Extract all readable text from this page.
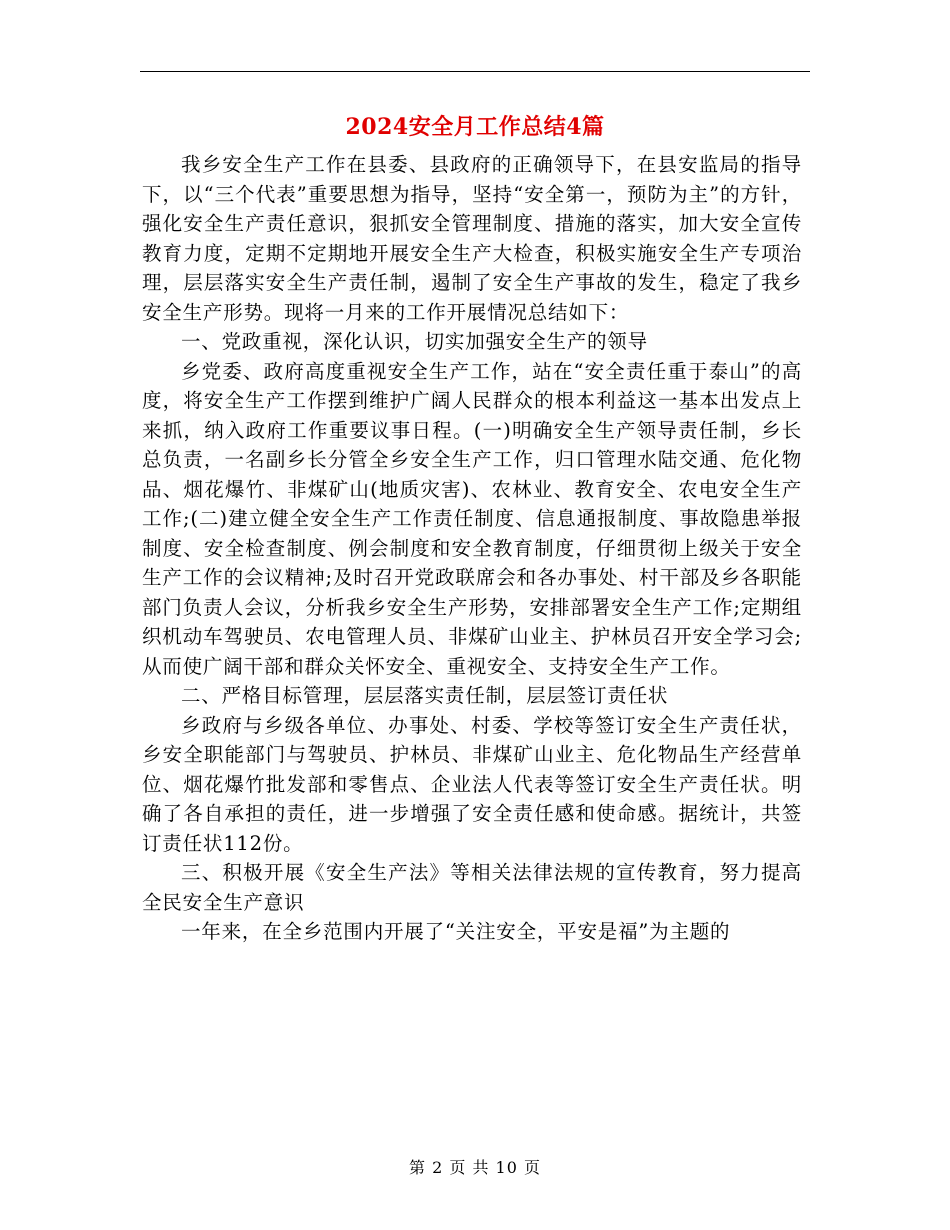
2024安全月工作总结4篇

我乡安全生产工作在县委、县政府的正确领导下，在县安监局的指导下，以“三个代表”重要思想为指导，坚持“安全第一，预防为主”的方针，强化安全生产责任意识，狠抓安全管理制度、措施的落实，加大安全宣传教育力度，定期不定期地开展安全生产大检查，积极实施安全生产专项治理，层层落实安全生产责任制，遏制了安全生产事故的发生，稳定了我乡安全生产形势。现将一月来的工作开展情况总结如下：

一、党政重视，深化认识，切实加强安全生产的领导

乡党委、政府高度重视安全生产工作，站在“安全责任重于泰山”的高度，将安全生产工作摆到维护广阔人民群众的根本利益这一基本出发点上来抓，纳入政府工作重要议事日程。(一)明确安全生产领导责任制，乡长总负责，一名副乡长分管全乡安全生产工作，归口管理水陆交通、危化物品、烟花爆竹、非煤矿山(地质灾害)、农林业、教育安全、农电安全生产工作;(二)建立健全安全生产工作责任制度、信息通报制度、事故隐患举报制度、安全检查制度、例会制度和安全教育制度，仔细贯彻上级关于安全生产工作的会议精神;及时召开党政联席会和各办事处、村干部及乡各职能部门负责人会议，分析我乡安全生产形势，安排部署安全生产工作;定期组织机动车驾驶员、农电管理人员、非煤矿山业主、护林员召开安全学习会;从而使广阔干部和群众关怀安全、重视安全、支持安全生产工作。

二、严格目标管理，层层落实责任制，层层签订责任状

乡政府与乡级各单位、办事处、村委、学校等签订安全生产责任状，乡安全职能部门与驾驶员、护林员、非煤矿山业主、危化物品生产经营单位、烟花爆竹批发部和零售点、企业法人代表等签订安全生产责任状。明确了各自承担的责任，进一步增强了安全责任感和使命感。据统计，共签订责任状112份。

三、积极开展《安全生产法》等相关法律法规的宣传教育，努力提高全民安全生产意识

一年来，在全乡范围内开展了“关注安全，平安是福”为主题的

第 2 页 共 10 页
